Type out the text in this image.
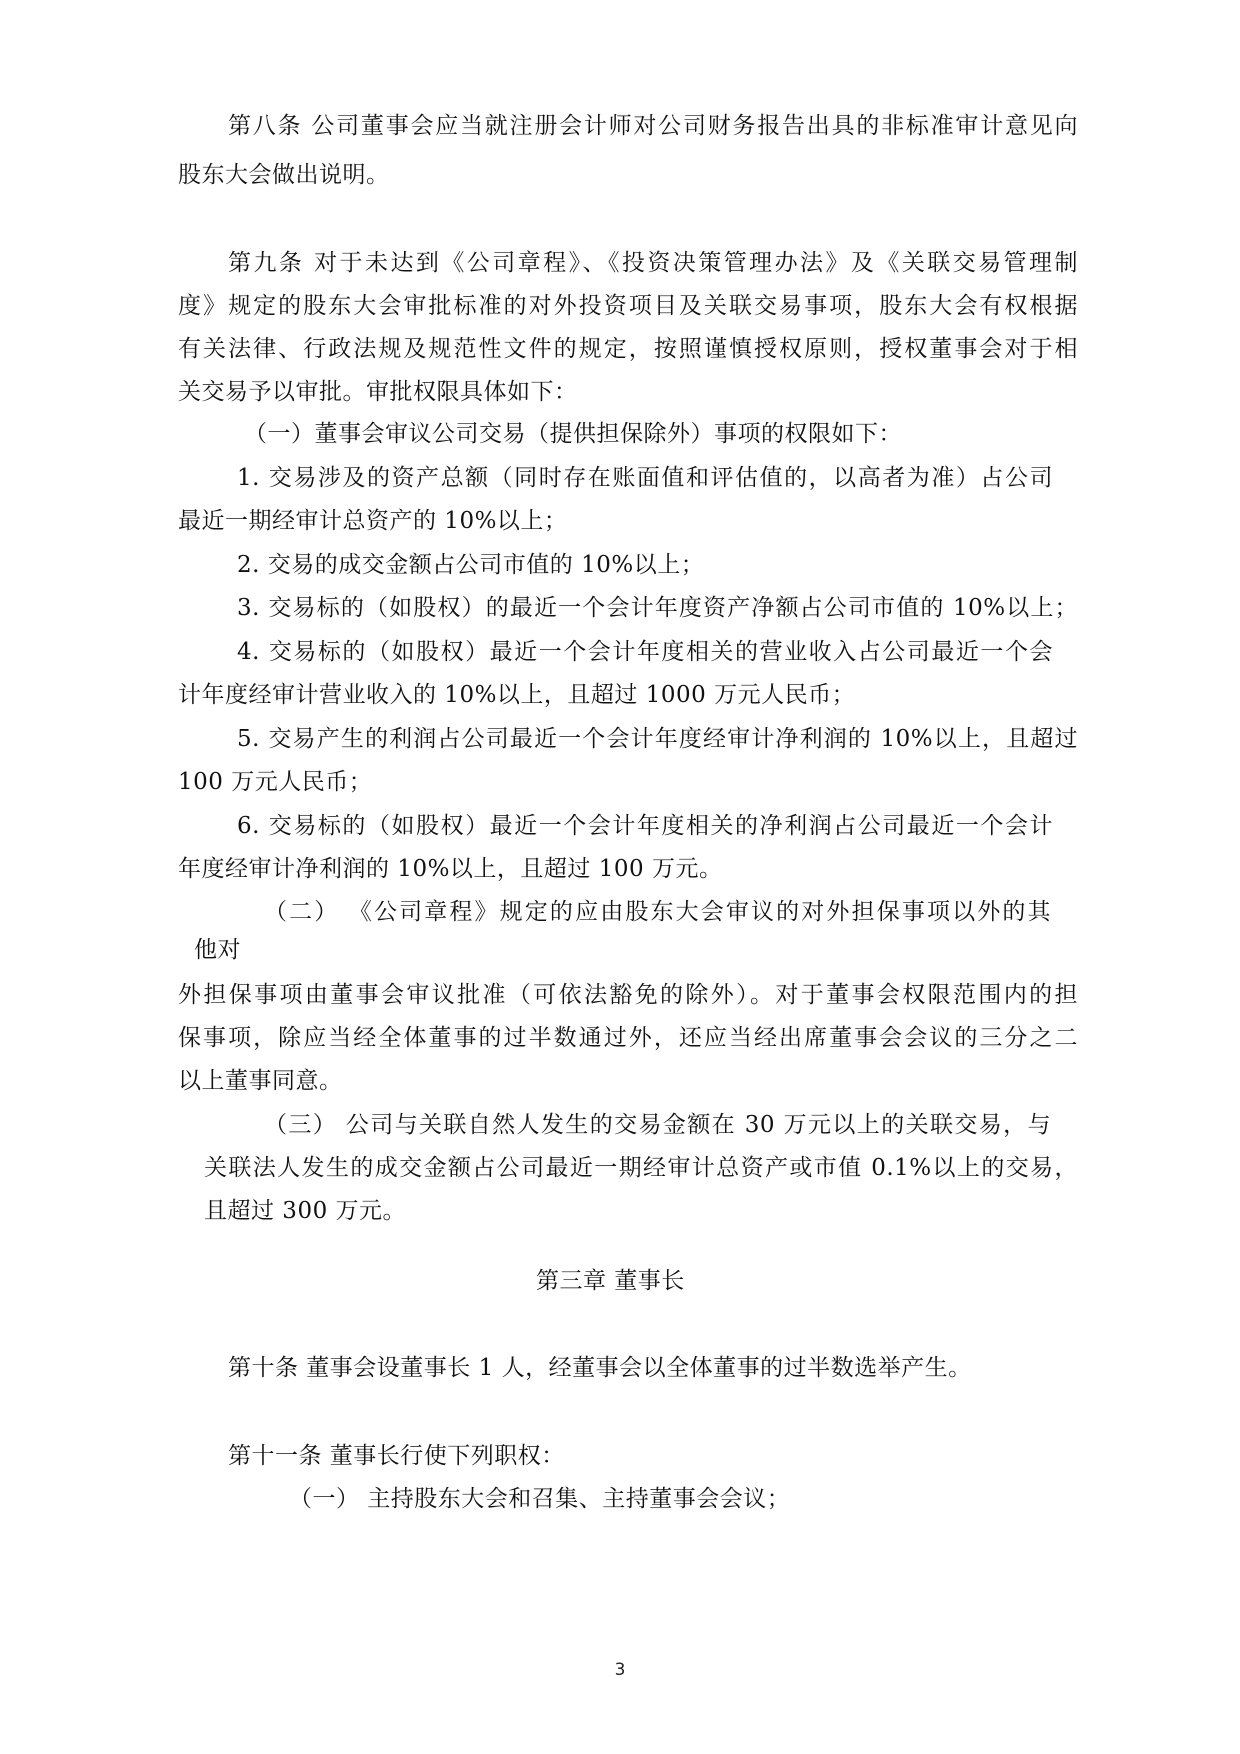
第八条 公司董事会应当就注册会计师对公司财务报告出具的非标准审计意见向
股东大会做出说明。
第九条 对于未达到《公司章程》、《投资决策管理办法》及《关联交易管理制
度》规定的股东大会审批标准的对外投资项目及关联交易事项，股东大会有权根据
有关法律、行政法规及规范性文件的规定，按照谨慎授权原则，授权董事会对于相
关交易予以审批。审批权限具体如下：
（一）董事会审议公司交易（提供担保除外）事项的权限如下：
1. 交易涉及的资产总额（同时存在账面值和评估值的，以高者为准）占公司
最近一期经审计总资产的 10%以上；
2. 交易的成交金额占公司市值的 10%以上；
3. 交易标的（如股权）的最近一个会计年度资产净额占公司市值的 10%以上；
4. 交易标的（如股权）最近一个会计年度相关的营业收入占公司最近一个会
计年度经审计营业收入的 10%以上，且超过 1000 万元人民币；
5. 交易产生的利润占公司最近一个会计年度经审计净利润的 10%以上，且超过
100 万元人民币；
6. 交易标的（如股权）最近一个会计年度相关的净利润占公司最近一个会计
年度经审计净利润的 10%以上，且超过 100 万元。
（二） 《公司章程》规定的应由股东大会审议的对外担保事项以外的其
他对
外担保事项由董事会审议批准（可依法豁免的除外）。对于董事会权限范围内的担
保事项，除应当经全体董事的过半数通过外，还应当经出席董事会会议的三分之二
以上董事同意。
（三） 公司与关联自然人发生的交易金额在 30 万元以上的关联交易，与
关联法人发生的成交金额占公司最近一期经审计总资产或市值 0.1%以上的交易，
且超过 300 万元。
第三章 董事长
第十条 董事会设董事长 1 人，经董事会以全体董事的过半数选举产生。
第十一条 董事长行使下列职权：
（一） 主持股东大会和召集、主持董事会会议；
3
